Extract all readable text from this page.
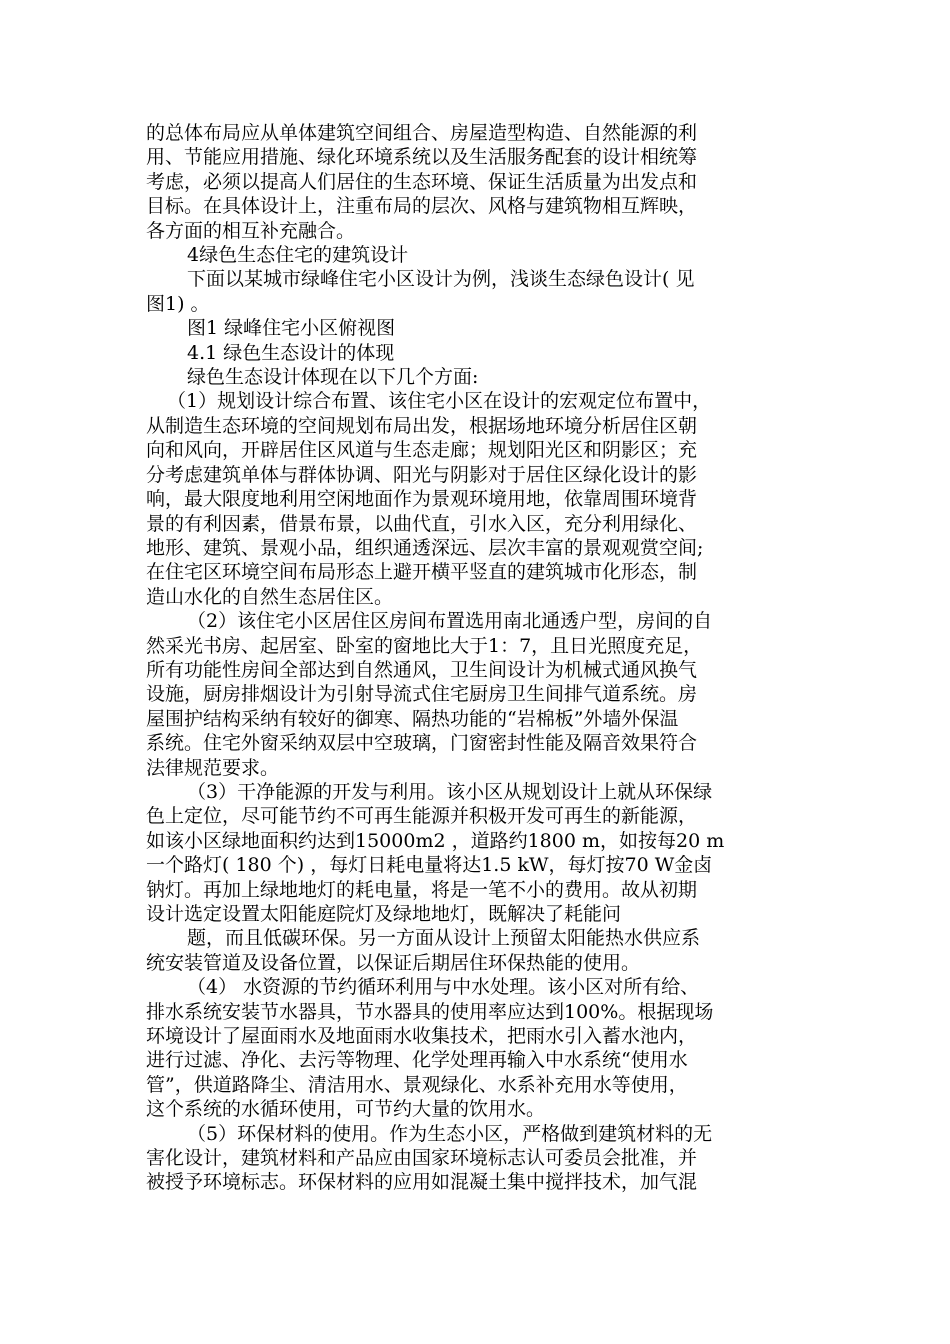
的总体布局应从单体建筑空间组合、房屋造型构造、自然能源的利
用、节能应用措施、绿化环境系统以及生活服务配套的设计相统筹
考虑，必须以提高人们居住的生态环境、保证生活质量为出发点和
目标。在具体设计上，注重布局的层次、风格与建筑物相互辉映，
各方面的相互补充融合。
4绿色生态住宅的建筑设计
下面以某城市绿峰住宅小区设计为例，浅谈生态绿色设计( 见
图1) 。
图1 绿峰住宅小区俯视图
4.1 绿色生态设计的体现
绿色生态设计体现在以下几个方面:
（1）规划设计综合布置、该住宅小区在设计的宏观定位布置中，
从制造生态环境的空间规划布局出发，根据场地环境分析居住区朝
向和风向，开辟居住区风道与生态走廊；规划阳光区和阴影区；充
分考虑建筑单体与群体协调、阳光与阴影对于居住区绿化设计的影
响，最大限度地利用空闲地面作为景观环境用地，依靠周围环境背
景的有利因素，借景布景，以曲代直，引水入区，充分利用绿化、
地形、建筑、景观小品，组织通透深远、层次丰富的景观观赏空间;
在住宅区环境空间布局形态上避开横平竖直的建筑城市化形态，制
造山水化的自然生态居住区。
（2）该住宅小区居住区房间布置选用南北通透户型，房间的自
然采光书房、起居室、卧室的窗地比大于1：7，且日光照度充足，
所有功能性房间全部达到自然通风，卫生间设计为机械式通风换气
设施，厨房排烟设计为引射导流式住宅厨房卫生间排气道系统。房
屋围护结构采纳有较好的御寒、隔热功能的“岩棉板”外墙外保温
系统。住宅外窗采纳双层中空玻璃，门窗密封性能及隔音效果符合
法律规范要求。
（3）干净能源的开发与利用。该小区从规划设计上就从环保绿
色上定位，尽可能节约不可再生能源并积极开发可再生的新能源，
如该小区绿地面积约达到15000m2 ，道路约1800 m，如按每20 m
一个路灯( 180 个) ，每灯日耗电量将达1.5 kW，每灯按70 W金卤
钠灯。再加上绿地地灯的耗电量，将是一笔不小的费用。故从初期
设计选定设置太阳能庭院灯及绿地地灯，既解决了耗能问
题，而且低碳环保。另一方面从设计上预留太阳能热水供应系
统安装管道及设备位置，以保证后期居住环保热能的使用。
（4） 水资源的节约循环利用与中水处理。该小区对所有给、
排水系统安装节水器具，节水器具的使用率应达到100%。根据现场
环境设计了屋面雨水及地面雨水收集技术，把雨水引入蓄水池内，
进行过滤、净化、去污等物理、化学处理再输入中水系统“使用水
管”，供道路降尘、清洁用水、景观绿化、水系补充用水等使用，
这个系统的水循环使用，可节约大量的饮用水。
（5）环保材料的使用。作为生态小区，严格做到建筑材料的无
害化设计，建筑材料和产品应由国家环境标志认可委员会批准，并
被授予环境标志。环保材料的应用如混凝土集中搅拌技术，加气混
